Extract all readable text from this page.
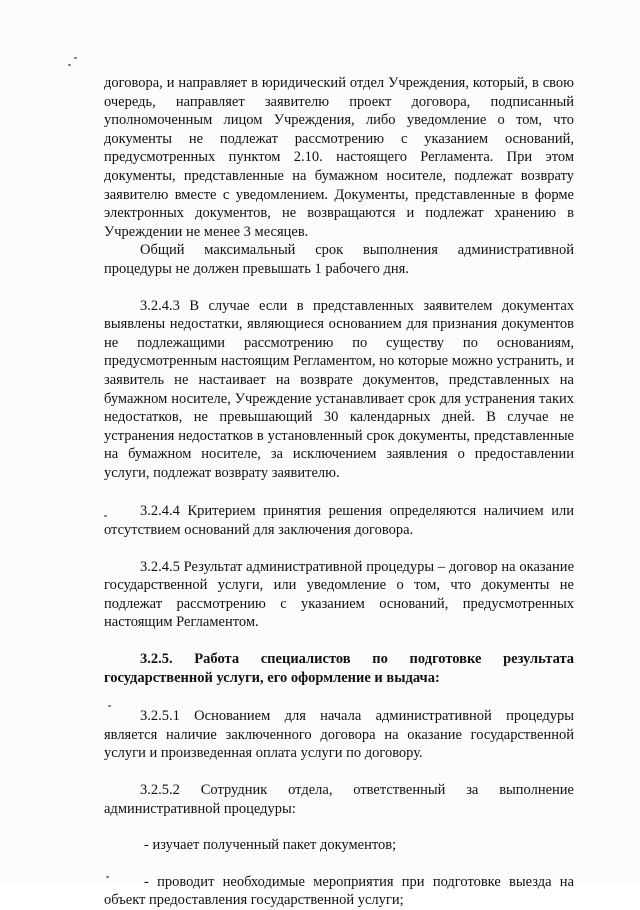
договора, и направляет в юридический отдел Учреждения, который, в свою очередь, направляет заявителю проект договора, подписанный уполномоченным лицом Учреждения, либо уведомление о том, что документы не подлежат рассмотрению с указанием оснований, предусмотренных пунктом 2.10. настоящего Регламента. При этом документы, представленные на бумажном носителе, подлежат возврату заявителю вместе с уведомлением. Документы, представленные в форме электронных документов, не возвращаются и подлежат хранению в Учреждении не менее 3 месяцев.

Общий максимальный срок выполнения административной процедуры не должен превышать 1 рабочего дня.

3.2.4.3 В случае если в представленных заявителем документах выявлены недостатки, являющиеся основанием для признания документов не подлежащими рассмотрению по существу по основаниям, предусмотренным настоящим Регламентом, но которые можно устранить, и заявитель не настаивает на возврате документов, представленных на бумажном носителе, Учреждение устанавливает срок для устранения таких недостатков, не превышающий 30 календарных дней. В случае не устранения недостатков в установленный срок документы, представленные на бумажном носителе, за исключением заявления о предоставлении услуги, подлежат возврату заявителю.

3.2.4.4 Критерием принятия решения определяются наличием или отсутствием оснований для заключения договора.

3.2.4.5 Результат административной процедуры – договор на оказание государственной услуги, или уведомление о том, что документы не подлежат рассмотрению с указанием оснований, предусмотренных настоящим Регламентом.

3.2.5. Работа специалистов по подготовке результата государственной услуги, его оформление и выдача:

3.2.5.1 Основанием для начала административной процедуры является наличие заключенного договора на оказание государственной услуги и произведенная оплата услуги по договору.

3.2.5.2 Сотрудник отдела, ответственный за выполнение административной процедуры:

- изучает полученный пакет документов;

- проводит необходимые мероприятия при подготовке выезда на объект предоставления государственной услуги;
